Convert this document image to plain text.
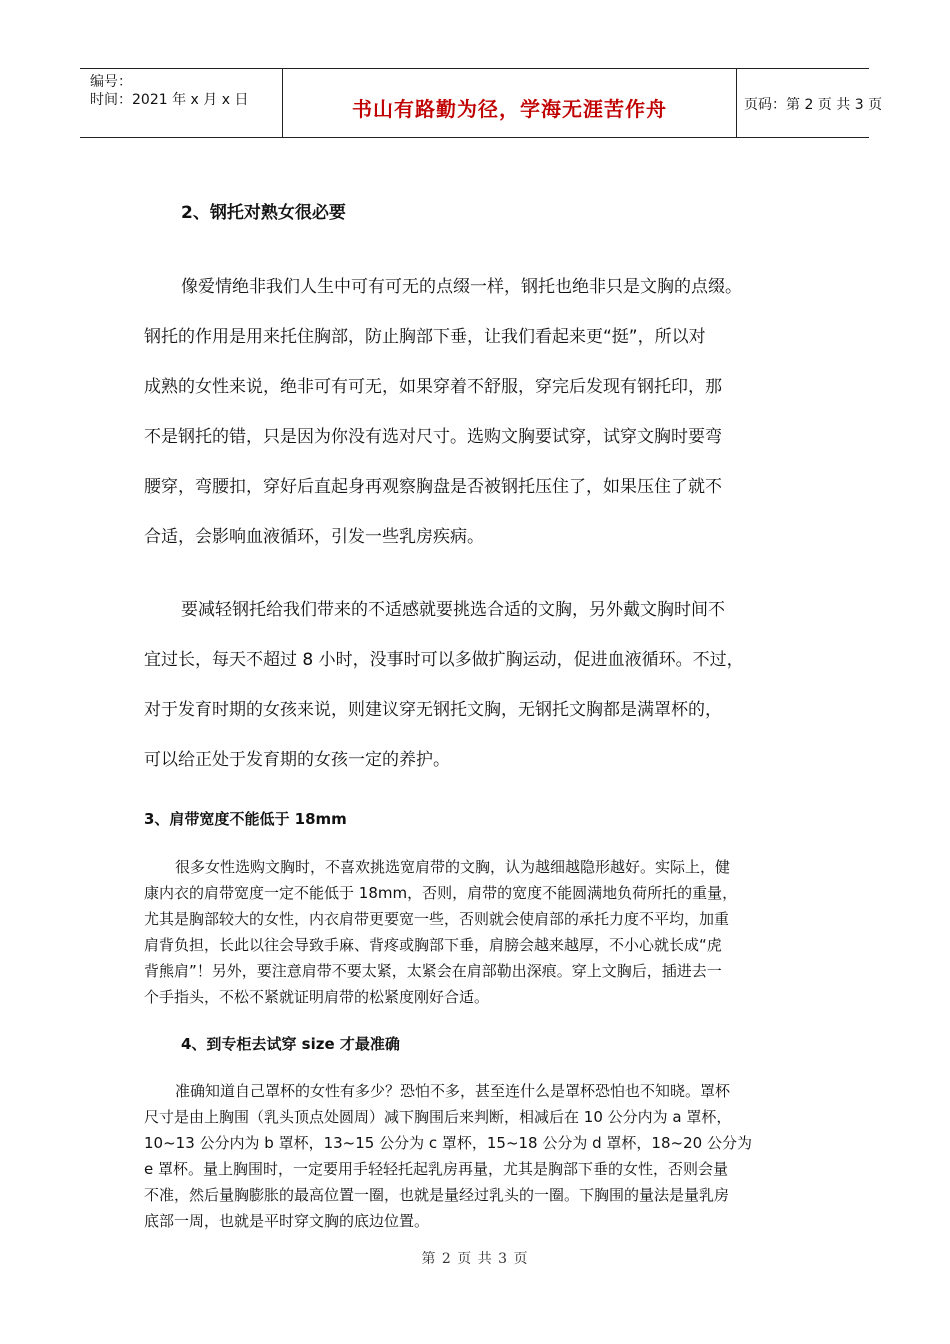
编号：
时间：2021 年 x 月 x 日	书山有路勤为径，学海无涯苦作舟	页码：第 2 页 共 3 页
2、钢托对熟女很必要
像爱情绝非我们人生中可有可无的点缀一样，钢托也绝非只是文胸的点缀。
钢托的作用是用来托住胸部，防止胸部下垂，让我们看起来更“挺”，所以对
成熟的女性来说，绝非可有可无，如果穿着不舒服，穿完后发现有钢托印，那
不是钢托的错，只是因为你没有选对尺寸。选购文胸要试穿，试穿文胸时要弯
腰穿，弯腰扣，穿好后直起身再观察胸盘是否被钢托压住了，如果压住了就不
合适，会影响血液循环，引发一些乳房疾病。
要减轻钢托给我们带来的不适感就要挑选合适的文胸，另外戴文胸时间不
宜过长，每天不超过 8 小时，没事时可以多做扩胸运动，促进血液循环。不过，
对于发育时期的女孩来说，则建议穿无钢托文胸，无钢托文胸都是满罩杯的，
可以给正处于发育期的女孩一定的养护。
3、肩带宽度不能低于 18mm
很多女性选购文胸时，不喜欢挑选宽肩带的文胸，认为越细越隐形越好。实际上，健
康内衣的肩带宽度一定不能低于 18mm，否则，肩带的宽度不能圆满地负荷所托的重量，
尤其是胸部较大的女性，内衣肩带更要宽一些，否则就会使肩部的承托力度不平均，加重
肩背负担，长此以往会导致手麻、背疼或胸部下垂，肩膀会越来越厚，不小心就长成“虎
背熊肩”！另外，要注意肩带不要太紧，太紧会在肩部勒出深痕。穿上文胸后，插进去一
个手指头，不松不紧就证明肩带的松紧度刚好合适。
4、到专柜去试穿 size 才最准确
准确知道自己罩杯的女性有多少？恐怕不多，甚至连什么是罩杯恐怕也不知晓。罩杯
尺寸是由上胸围（乳头顶点处圆周）减下胸围后来判断，相减后在 10 公分内为 a 罩杯，
10~13 公分内为 b 罩杯，13~15 公分为 c 罩杯，15~18 公分为 d 罩杯，18~20 公分为
e 罩杯。量上胸围时，一定要用手轻轻托起乳房再量，尤其是胸部下垂的女性，否则会量
不准，然后量胸膨胀的最高位置一圈，也就是量经过乳头的一圈。下胸围的量法是量乳房
底部一周，也就是平时穿文胸的底边位置。
第 2 页 共 3 页
